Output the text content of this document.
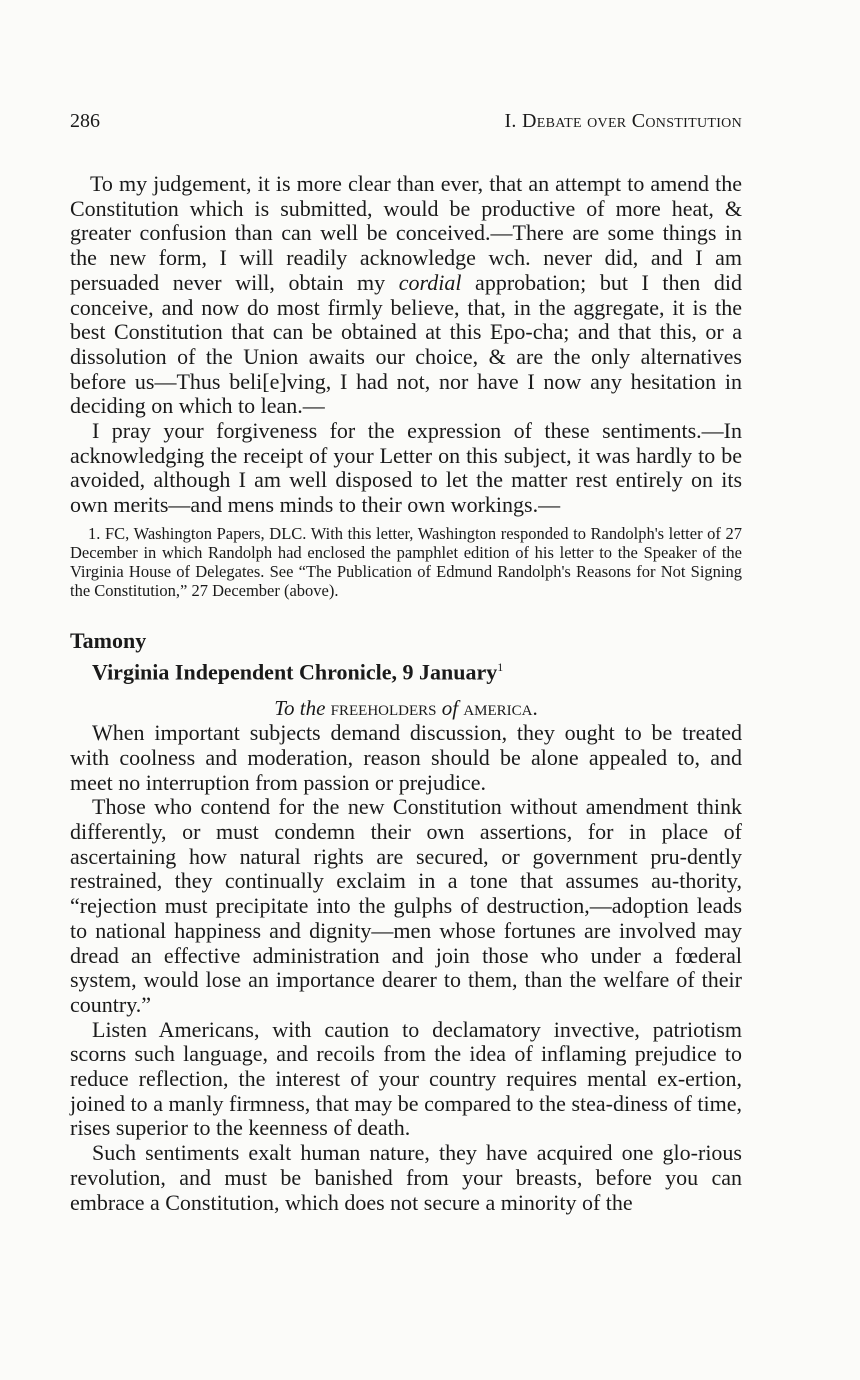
286	I. Debate over Constitution

To my judgement, it is more clear than ever, that an attempt to amend the Constitution which is submitted, would be productive of more heat, & greater confusion than can well be conceived.—There are some things in the new form, I will readily acknowledge wch. never did, and I am persuaded never will, obtain my cordial approbation; but I then did conceive, and now do most firmly believe, that, in the aggregate, it is the best Constitution that can be obtained at this Epo-cha; and that this, or a dissolution of the Union awaits our choice, & are the only alternatives before us—Thus beli[e]ving, I had not, nor have I now any hesitation in deciding on which to lean.—

I pray your forgiveness for the expression of these sentiments.—In acknowledging the receipt of your Letter on this subject, it was hardly to be avoided, although I am well disposed to let the matter rest entirely on its own merits—and mens minds to their own workings.—

1. FC, Washington Papers, DLC. With this letter, Washington responded to Randolph's letter of 27 December in which Randolph had enclosed the pamphlet edition of his letter to the Speaker of the Virginia House of Delegates. See “The Publication of Edmund Randolph's Reasons for Not Signing the Constitution,” 27 December (above).
Tamony
Virginia Independent Chronicle, 9 January$^1$
To the freeholders of america.

When important subjects demand discussion, they ought to be treated with coolness and moderation, reason should be alone appealed to, and meet no interruption from passion or prejudice.

Those who contend for the new Constitution without amendment think differently, or must condemn their own assertions, for in place of ascertaining how natural rights are secured, or government pru-dently restrained, they continually exclaim in a tone that assumes au-thority, “rejection must precipitate into the gulphs of destruction,—adoption leads to national happiness and dignity—men whose fortunes are involved may dread an effective administration and join those who under a fœderal system, would lose an importance dearer to them, than the welfare of their country.”

Listen Americans, with caution to declamatory invective, patriotism scorns such language, and recoils from the idea of inflaming prejudice to reduce reflection, the interest of your country requires mental ex-ertion, joined to a manly firmness, that may be compared to the stea-diness of time, rises superior to the keenness of death.

Such sentiments exalt human nature, they have acquired one glo-rious revolution, and must be banished from your breasts, before you can embrace a Constitution, which does not secure a minority of the
